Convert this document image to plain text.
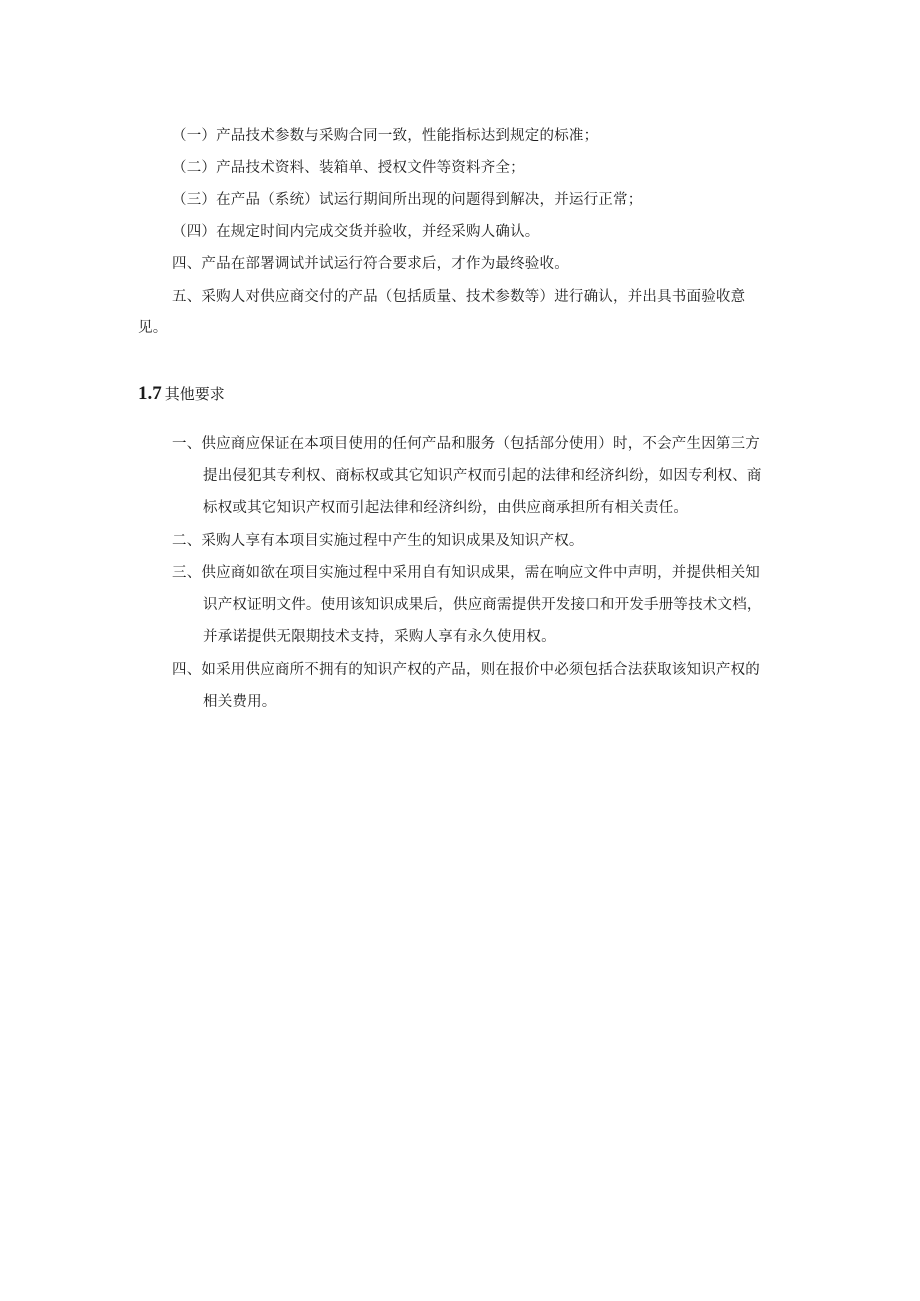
（一）产品技术参数与采购合同一致，性能指标达到规定的标准；
（二）产品技术资料、装箱单、授权文件等资料齐全；
（三）在产品（系统）试运行期间所出现的问题得到解决，并运行正常；
（四）在规定时间内完成交货并验收，并经采购人确认。
四、产品在部署调试并试运行符合要求后，才作为最终验收。
五、采购人对供应商交付的产品（包括质量、技术参数等）进行确认，并出具书面验收意
见。
1.7 其他要求
一、供应商应保证在本项目使用的任何产品和服务（包括部分使用）时，不会产生因第三方
提出侵犯其专利权、商标权或其它知识产权而引起的法律和经济纠纷，如因专利权、商
标权或其它知识产权而引起法律和经济纠纷，由供应商承担所有相关责任。
二、采购人享有本项目实施过程中产生的知识成果及知识产权。
三、供应商如欲在项目实施过程中采用自有知识成果，需在响应文件中声明，并提供相关知
识产权证明文件。使用该知识成果后，供应商需提供开发接口和开发手册等技术文档，
并承诺提供无限期技术支持，采购人享有永久使用权。
四、如采用供应商所不拥有的知识产权的产品，则在报价中必须包括合法获取该知识产权的
相关费用。
